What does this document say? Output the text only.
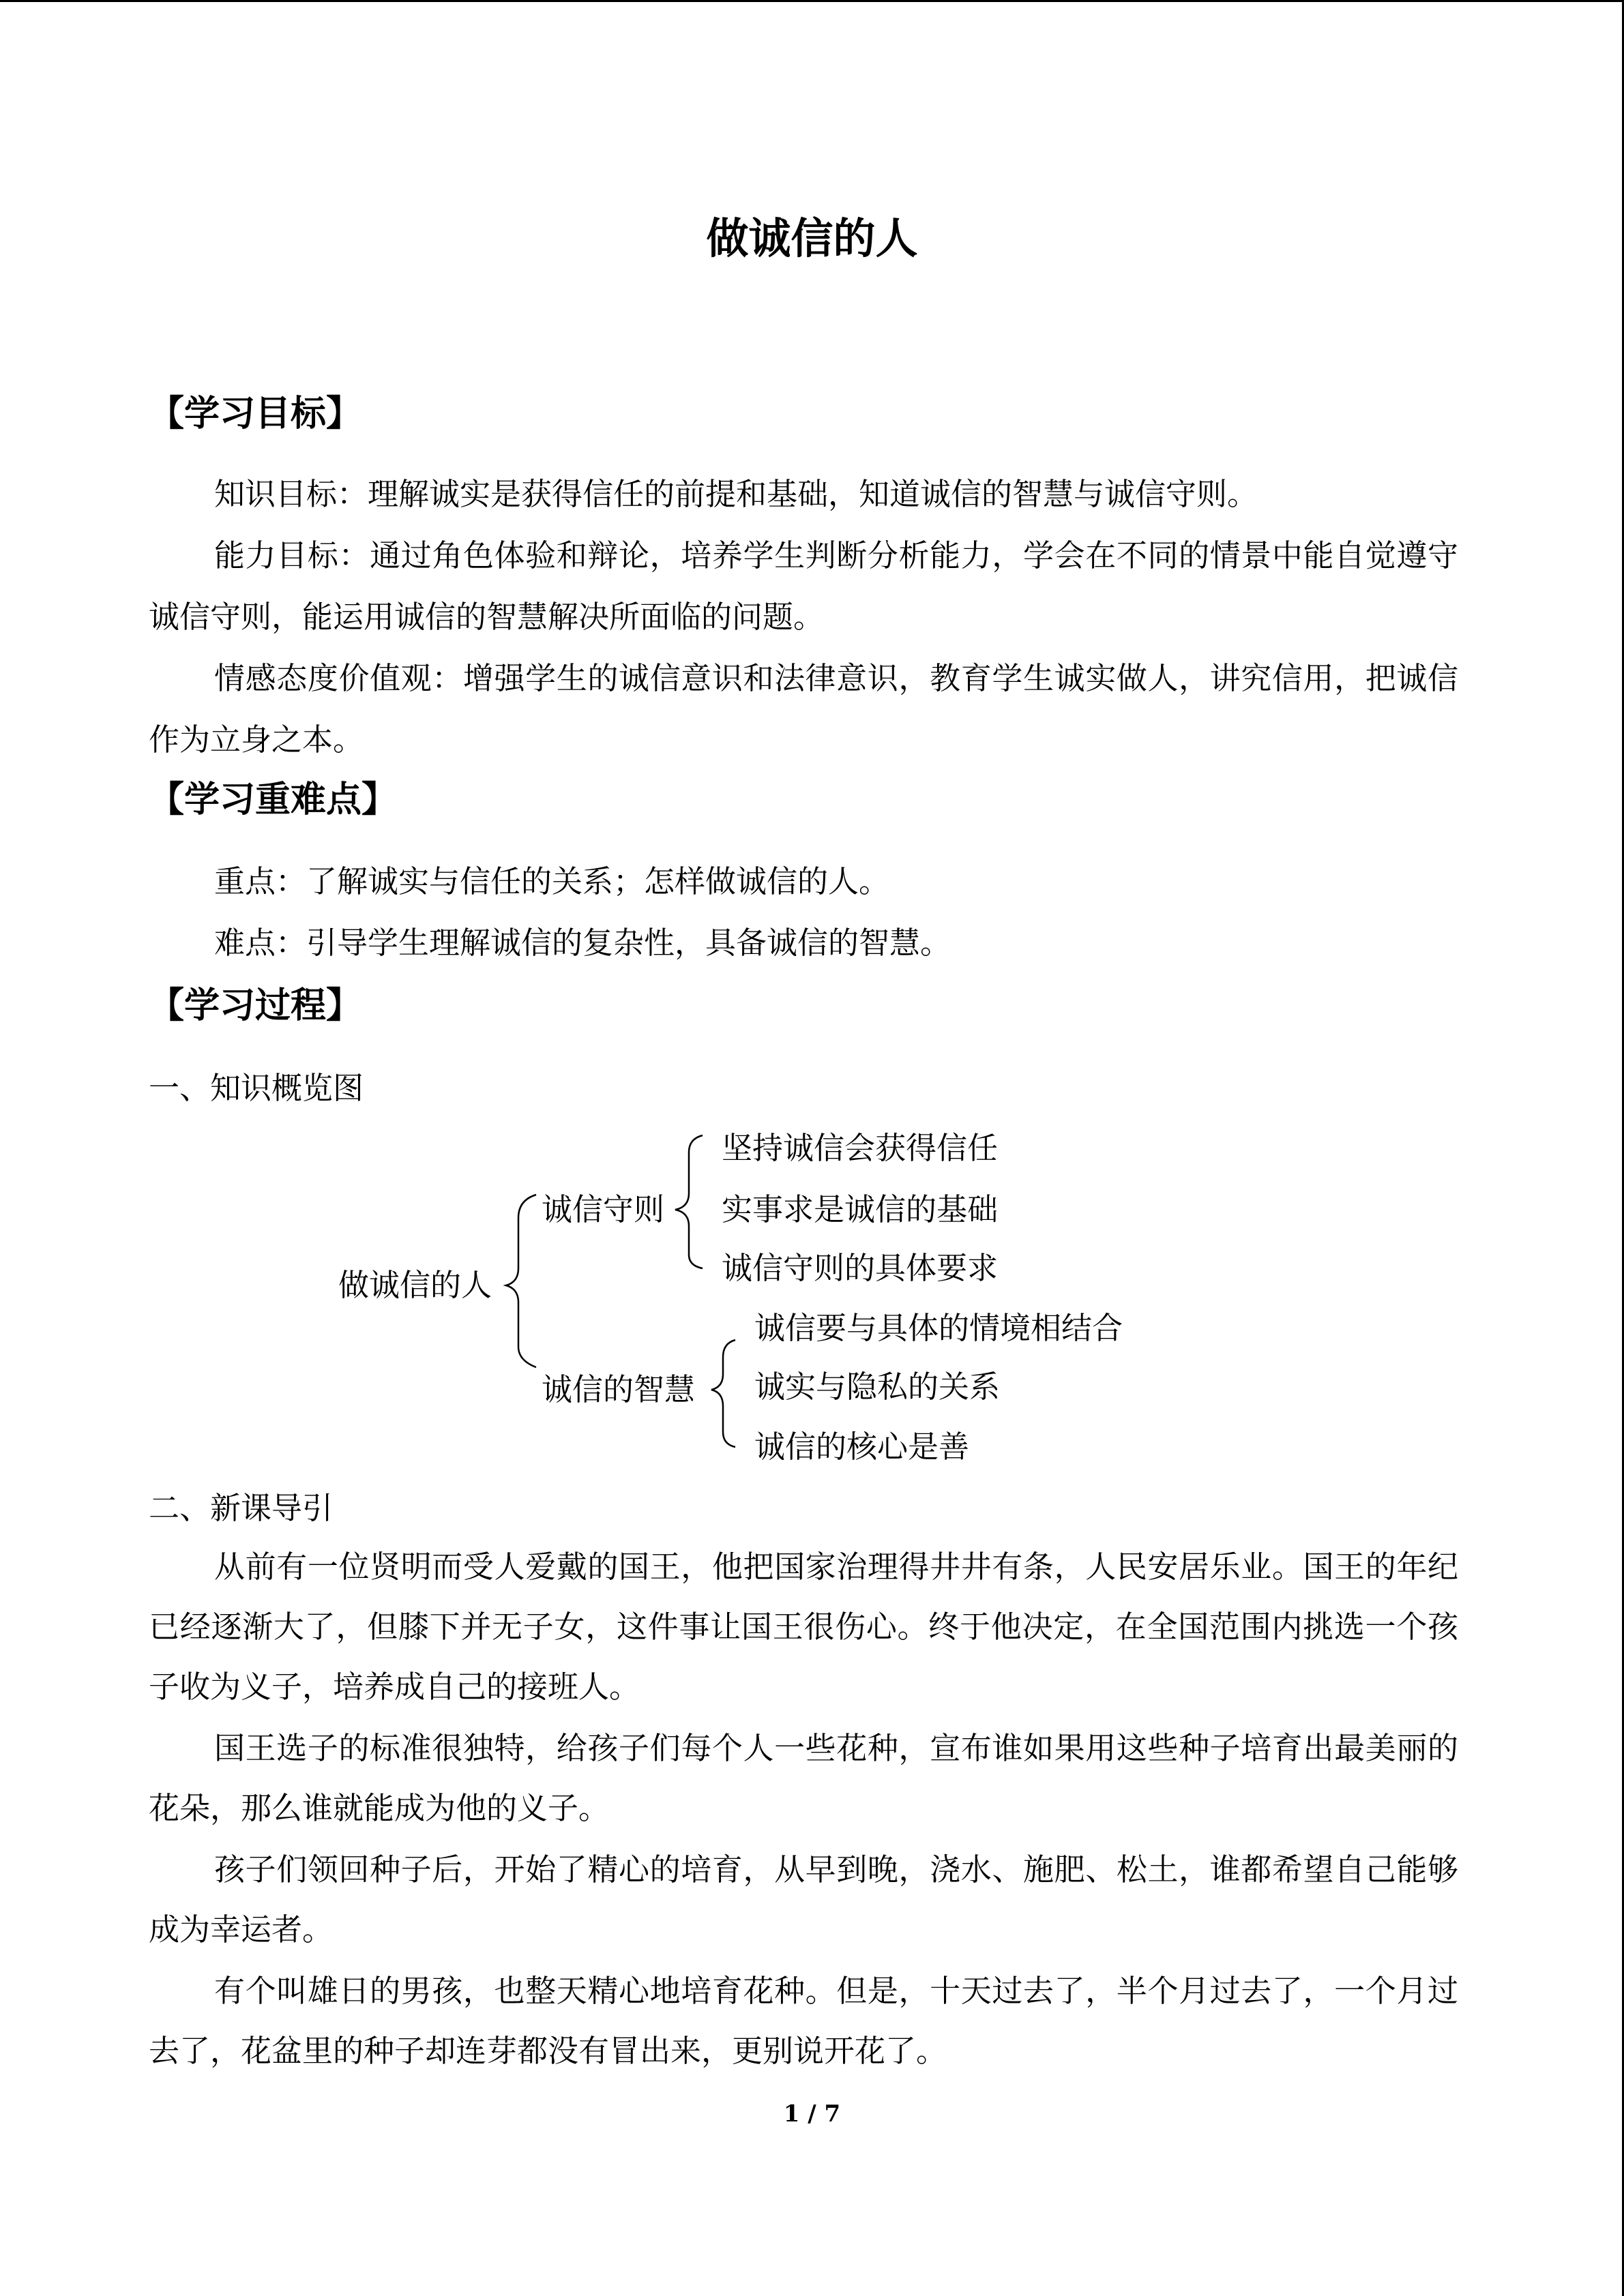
做诚信的人
【学习目标】
知识目标：理解诚实是获得信任的前提和基础，知道诚信的智慧与诚信守则。
能力目标：通过角色体验和辩论，培养学生判断分析能力，学会在不同的情景中能自觉遵守诚信守则，能运用诚信的智慧解决所面临的问题。
情感态度价值观：增强学生的诚信意识和法律意识，教育学生诚实做人，讲究信用，把诚信作为立身之本。
【学习重难点】
重点：了解诚实与信任的关系；怎样做诚信的人。
难点：引导学生理解诚信的复杂性，具备诚信的智慧。
【学习过程】
一、知识概览图
做诚信的人
诚信守则
坚持诚信会获得信任
实事求是诚信的基础
诚信守则的具体要求
诚信的智慧
诚信要与具体的情境相结合
诚实与隐私的关系
诚信的核心是善
二、新课导引
从前有一位贤明而受人爱戴的国王，他把国家治理得井井有条，人民安居乐业。国王的年纪已经逐渐大了，但膝下并无子女，这件事让国王很伤心。终于他决定，在全国范围内挑选一个孩子收为义子，培养成自己的接班人。
国王选子的标准很独特，给孩子们每个人一些花种，宣布谁如果用这些种子培育出最美丽的花朵，那么谁就能成为他的义子。
孩子们领回种子后，开始了精心的培育，从早到晚，浇水、施肥、松土，谁都希望自己能够成为幸运者。
有个叫雄日的男孩，也整天精心地培育花种。但是，十天过去了，半个月过去了，一个月过去了，花盆里的种子却连芽都没有冒出来，更别说开花了。
1 / 7
